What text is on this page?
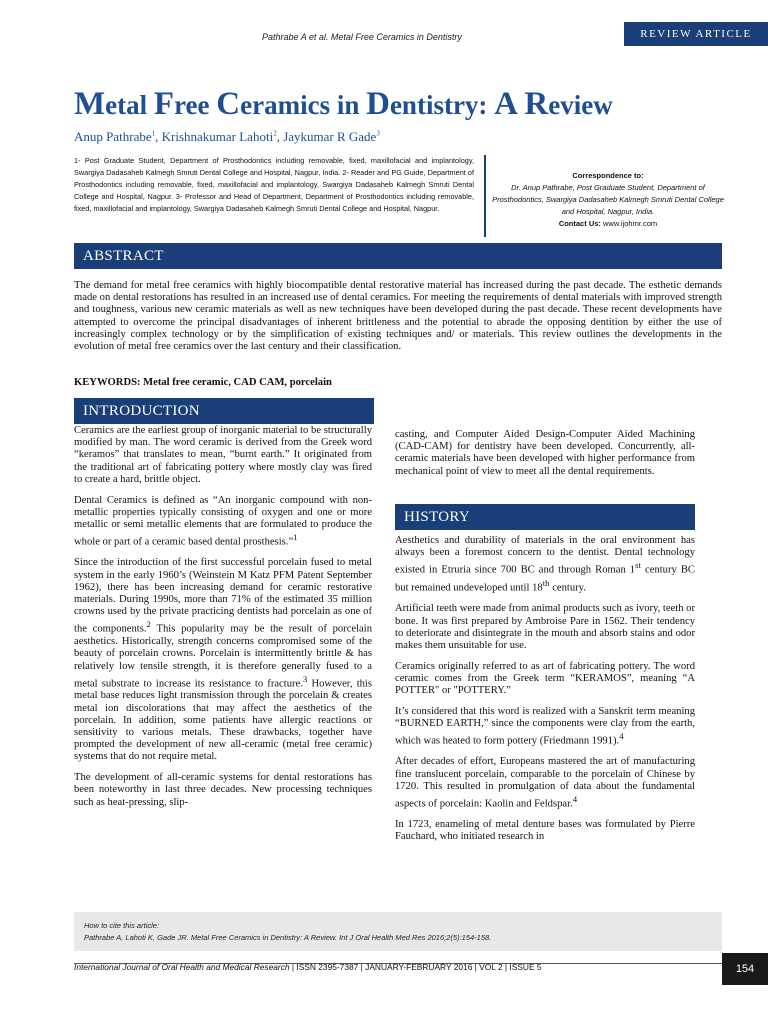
Pathrabe A et al. Metal Free Ceramics in Dentistry	REVIEW ARTICLE
Metal Free Ceramics in Dentistry: A Review
Anup Pathrabe$^1$, Krishnakumar Lahoti$^2$, Jaykumar R Gade$^3$
1- Post Graduate Student, Department of Prosthodontics including removable, fixed, maxillofacial and implantology, Swargiya Dadasaheb Kalmegh Smruti Dental College and Hospital, Nagpur, India. 2- Reader and PG Guide, Department of Prosthodontics including removable, fixed, maxillofacial and implantology, Swargiya Dadasaheb Kalmegh Smruti Dental College and Hospital, Nagpur. 3- Professor and Head of Department, Department of Prosthodontics including removable, fixed, maxillofacial and implantology, Swargiya Dadasaheb Kalmegh Smruti Dental College and Hospital, Nagpur.
Correspondence to:
Dr. Anup Pathrabe, Post Graduate Student, Department of Prosthodontics, Swargiya Dadasaheb Kalmegh Smruti Dental College and Hospital, Nagpur, India.
Contact Us: www.ijohmr.com
ABSTRACT

The demand for metal free ceramics with highly biocompatible dental restorative material has increased during the past decade. The esthetic demands made on dental restorations has resulted in an increased use of dental ceramics. For meeting the requirements of dental materials with improved strength and toughness, various new ceramic materials as well as new techniques have been developed during the past decade. These recent developments have attempted to overcome the principal disadvantages of inherent brittleness and the potential to abrade the opposing dentition by either the use of increasingly complex technology or by the simplification of existing techniques and/ or materials. This review outlines the developments in the evolution of metal free ceramics over the last century and their classification.

KEYWORDS: Metal free ceramic, CAD CAM, porcelain

INTRODUCTION

Ceramics are the earliest group of inorganic material to be structurally modified by man. The word ceramic is derived from the Greek word “keramos” that translates to mean, “burnt earth.” It originated from the traditional art of fabricating pottery where mostly clay was fired to create a hard, brittle object.

Dental Ceramics is defined as “An inorganic compound with non-metallic properties typically consisting of oxygen and one or more metallic or semi metallic elements that are formulated to produce the whole or part of a ceramic based dental prosthesis.”$^1$

Since the introduction of the first successful porcelain fused to metal system in the early 1960’s (Weinstein M Katz PFM Patent September 1962), there has been increasing demand for ceramic restorative materials. During 1990s, more than 71% of the estimated 35 million crowns used by the private practicing dentists had porcelain as one of the components.$^2$ This popularity may be the result of porcelain aesthetics. Historically, strength concerns compromised some of the beauty of porcelain crowns. Porcelain is intermittently brittle & has relatively low tensile strength, it is therefore generally fused to a metal substrate to increase its resistance to fracture.$^3$ However, this metal base reduces light transmission through the porcelain & creates metal ion discolorations that may affect the aesthetics of the porcelain. In addition, some patients have allergic reactions or sensitivity to various metals. These drawbacks, together have prompted the development of new all-ceramic (metal free ceramic) systems that do not require metal.

The development of all-ceramic systems for dental restorations has been noteworthy in last three decades. New processing techniques such as heat-pressing, slip-

casting, and Computer Aided Design-Computer Aided Machining (CAD-CAM) for dentistry have been developed. Concurrently, all-ceramic materials have been developed with higher performance from mechanical point of view to meet all the dental requirements.

HISTORY

Aesthetics and durability of materials in the oral environment has always been a foremost concern to the dentist. Dental technology existed in Etruria since 700 BC and through Roman 1st century BC but remained undeveloped until 18th century.

Artificial teeth were made from animal products such as ivory, teeth or bone. It was first prepared by Ambroise Pare in 1562. Their tendency to deteriorate and disintegrate in the mouth and absorb stains and odor makes them unsuitable for use.

Ceramics originally referred to as art of fabricating pottery. The word ceramic comes from the Greek term “KERAMOS”, meaning “A POTTER" or "POTTERY.”

It’s considered that this word is realized with a Sanskrit term meaning “BURNED EARTH,” since the components were clay from the earth, which was heated to form pottery (Friedmann 1991).$^4$

After decades of effort, Europeans mastered the art of manufacturing fine translucent porcelain, comparable to the porcelain of Chinese by 1720. This resulted in promulgation of data about the fundamental aspects of porcelain: Kaolin and Feldspar.$^4$

In 1723, enameling of metal denture bases was formulated by Pierre Fauchard, who initiated research in

How to cite this article:
Pathrabe A, Lahoti K, Gade JR. Metal Free Ceramics in Dentistry: A Review. Int J Oral Health Med Res 2016;2(5):154-158.
International Journal of Oral Health and Medical Research | ISSN 2395-7387 | JANUARY-FEBRUARY 2016 | VOL 2 | ISSUE 5	154
